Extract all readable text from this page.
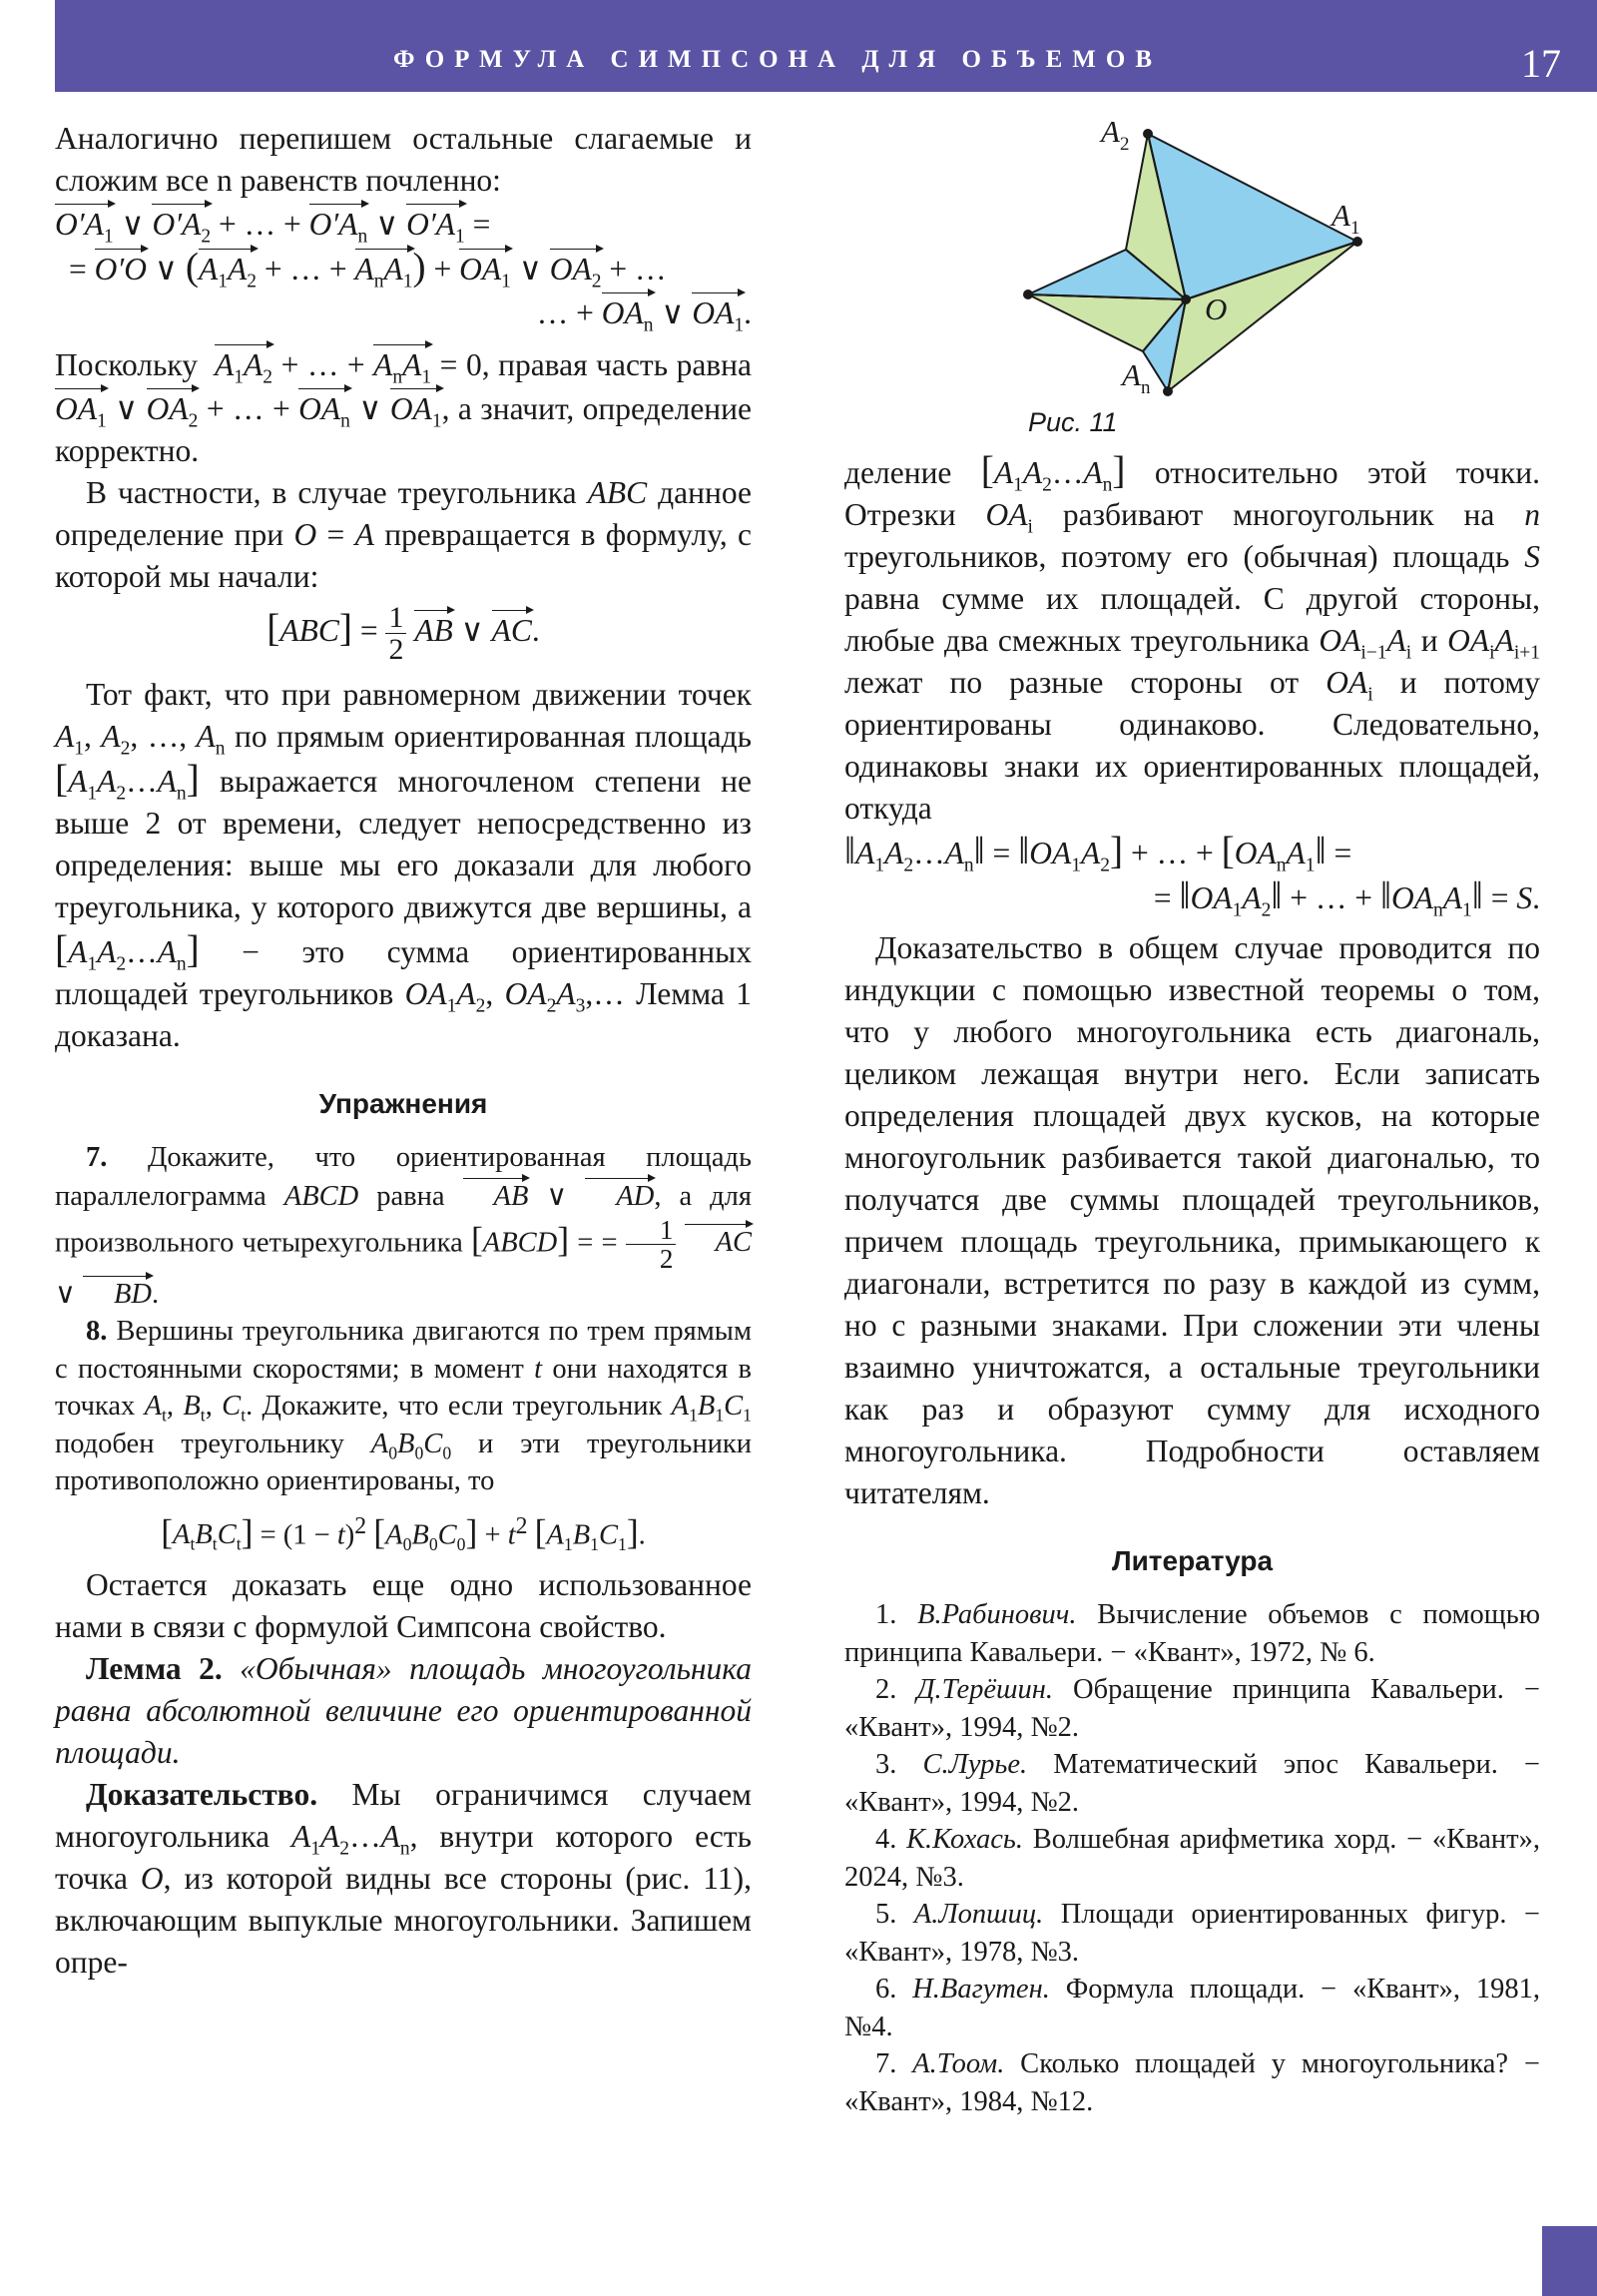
ФОРМУЛА СИМПСОНА ДЛЯ ОБЪЕМОВ	17

Аналогично перепишем остальные слагаемые и сложим все n равенств почленно:

$O'A_1$ ∨ $O'A_2$ + … + $O'A_n$ ∨ $O'A_1$ =
= O′O ∨ ($A_1A_2$ + … + $A_nA_1) + OA_1$ ∨ $OA_2$ + …
… + $OA_n$ ∨ $OA_1$.

Поскольку  $A_1A_2$ + … + $A_nA_1 = 0$, правая часть равна $OA_1$ ∨ $OA_2$ + … + $OA_n$ ∨ $OA_1$, а значит, определение корректно.

В частности, в случае треугольника ABC данное определение при O = A превращается в формулу, с которой мы начали:

$[ABC] = \frac{1}{2}$ AB ∨ AC.

Тот факт, что при равномерном движении точек $A_1$, $A_2$, …, $A_n$ по прямым ориентированная площадь $[A_1A_2\dots A_n]$ выражается многочленом степени не выше 2 от времени, следует непосредственно из определения: выше мы его доказали для любого треугольника, у которого движутся две вершины, а $[A_1A_2\dots A_n]$ − это сумма ориентированных площадей треугольников $OA_1A_2$, $OA_2A_3,\dots$ Лемма 1 доказана.

Упражнения

7. Докажите, что ориентированная площадь параллелограмма ABCD равна AB ∨ AD, а для произвольного четырехугольника [ABCD] = = $\frac{1}{2}$ AC ∨ BD.

8. Вершины треугольника двигаются по трем прямым с постоянными скоростями; в момент t они находятся в точках $A_t$, $B_t$, $C_t$. Докажите, что если треугольник $A_1B_1C_1$ подобен треугольнику $A_0B_0C_0$ и эти треугольники противоположно ориентированы, то

$[A_tB_tC_t] = (1 - t)^2$ $[A_0B_0C_0] + t^2$ $[A_1B_1C_1]$.

Остается доказать еще одно использованное нами в связи с формулой Симпсона свойство.

Лемма 2. «Обычная» площадь многоугольника равна абсолютной величине его ориентированной площади.

Доказательство. Мы ограничимся случаем многоугольника $A_1A_2\dots A_n$, внутри которого есть точка O, из которой видны все стороны (рис. 11), включающим выпуклые многоугольники. Запишем опре-

$A_2$
$A_1$
$A_n$
O
Рис. 11

деление $[A_1A_2\dots A_n]$ относительно этой точки. Отрезки $OA_i$ разбивают многоугольник на n треугольников, поэтому его (обычная) площадь S равна сумме их площадей. С другой стороны, любые два смежных треугольника $OA_{i-1}A_i$ и $OA_iA_{i+1}$ лежат по разные стороны от $OA_i$ и потому ориентированы одинаково. Следовательно, одинаковы знаки их ориентированных площадей, откуда

$‖A_1A_2\dots A_n‖$ = $‖OA_1A_2$] + … + [$OA_nA_1‖$ =
= $‖OA_1A_2‖$ + … + $‖OA_nA_1‖ = S$.

Доказательство в общем случае проводится по индукции с помощью известной теоремы о том, что у любого многоугольника есть диагональ, целиком лежащая внутри него. Если записать определения площадей двух кусков, на которые многоугольник разбивается такой диагональю, то получатся две суммы площадей треугольников, причем площадь треугольника, примыкающего к диагонали, встретится по разу в каждой из сумм, но с разными знаками. При сложении эти члены взаимно уничтожатся, а остальные треугольники как раз и образуют сумму для исходного многоугольника. Подробности оставляем читателям.

Литература

1. В.Рабинович. Вычисление объемов с помощью принципа Кавальери. − «Квант», 1972, № 6.

2. Д.Терёшин. Обращение принципа Кавальери. − «Квант», 1994, №2.

3. С.Лурье. Математический эпос Кавальери. − «Квант», 1994, №2.

4. К.Кохась. Волшебная арифметика хорд. − «Квант», 2024, №3.

5. А.Лопшиц. Площади ориентированных фигур. − «Квант», 1978, №3.

6. Н.Вагутен. Формула площади. − «Квант», 1981, №4.

7. А.Тоом. Сколько площадей у многоугольника? − «Квант», 1984, №12.
